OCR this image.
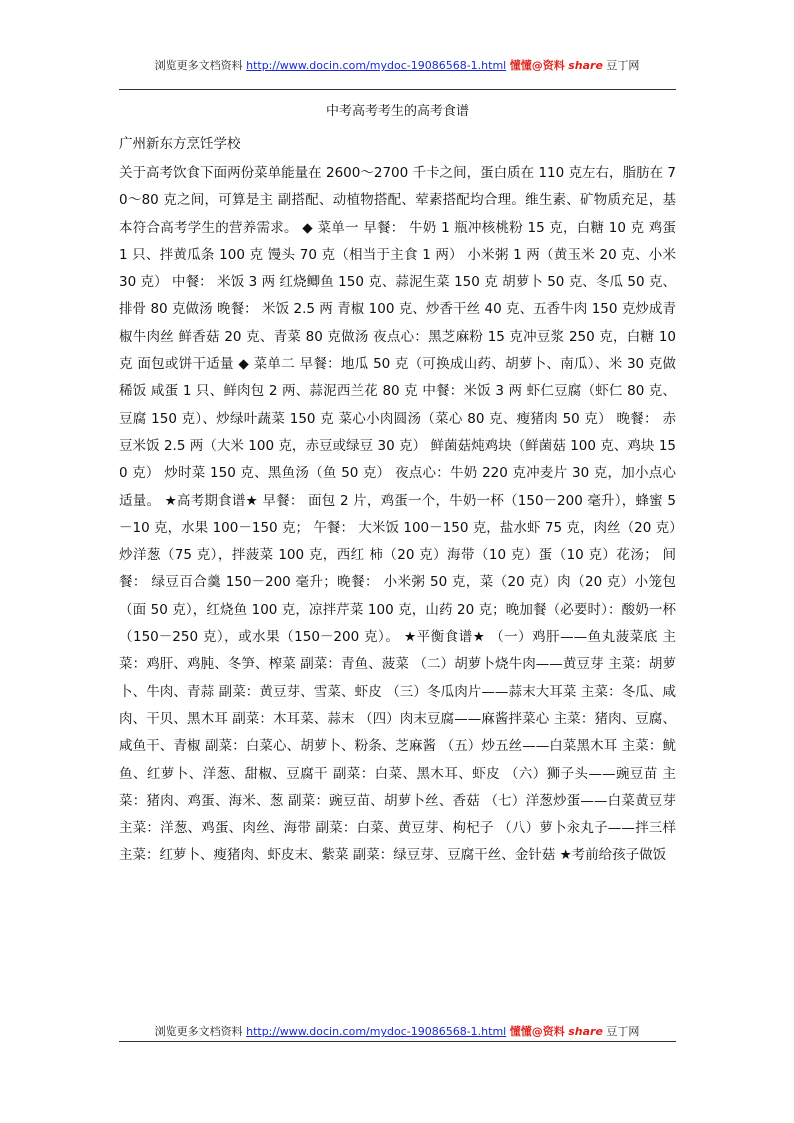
浏览更多文档资料 http://www.docin.com/mydoc-19086568-1.html 懂懂@资料 share 豆丁网
中考高考考生的高考食谱
广州新东方烹饪学校
关于高考饮食下面两份菜单能量在 2600～2700 千卡之间，蛋白质在 110 克左右，脂肪在 70～80 克之间，可算是主 副搭配、动植物搭配、荤素搭配均合理。维生素、矿物质充足，基本符合高考学生的营养需求。 ◆ 菜单一 早餐： 牛奶 1 瓶冲核桃粉 15 克，白糖 10 克 鸡蛋 1 只、拌黄瓜条 100 克 馒头 70 克（相当于主食 1 两） 小米粥 1 两（黄玉米 20 克、小米 30 克） 中餐： 米饭 3 两 红烧鲫鱼 150 克、蒜泥生菜 150 克 胡萝卜 50 克、冬瓜 50 克、排骨 80 克做汤 晚餐： 米饭 2.5 两 青椒 100 克、炒香干丝 40 克、五香牛肉 150 克炒成青椒牛肉丝 鲜香菇 20 克、青菜 80 克做汤 夜点心：黑芝麻粉 15 克冲豆浆 250 克，白糖 10 克 面包或饼干适量 ◆ 菜单二 早餐：地瓜 50 克（可换成山药、胡萝卜、南瓜）、米 30 克做稀饭 咸蛋 1 只、鲜肉包 2 两、蒜泥西兰花 80 克 中餐：米饭 3 两 虾仁豆腐（虾仁 80 克、豆腐 150 克）、炒绿叶蔬菜 150 克 菜心小肉圆汤（菜心 80 克、瘦猪肉 50 克） 晚餐： 赤豆米饭 2.5 两（大米 100 克，赤豆或绿豆 30 克） 鲜菌菇炖鸡块（鲜菌菇 100 克、鸡块 150 克） 炒时菜 150 克、黑鱼汤（鱼 50 克） 夜点心：牛奶 220 克冲麦片 30 克，加小点心适量。 ★高考期食谱★ 早餐： 面包 2 片，鸡蛋一个，牛奶一杯（150－200 毫升），蜂蜜 5－10 克，水果 100－150 克； 午餐： 大米饭 100－150 克，盐水虾 75 克，肉丝（20 克）炒洋葱（75 克），拌菠菜 100 克，西红 柿（20 克）海带（10 克）蛋（10 克）花汤； 间餐： 绿豆百合羹 150－200 毫升；晚餐： 小米粥 50 克，菜（20 克）肉（20 克）小笼包（面 50 克），红烧鱼 100 克，凉拌芹菜 100 克，山药 20 克；晚加餐（必要时）：酸奶一杯（150－250 克），或水果（150－200 克）。 ★平衡食谱★ （一）鸡肝——鱼丸菠菜底 主菜：鸡肝、鸡肫、冬笋、榨菜 副菜：青鱼、菠菜 （二）胡萝卜烧牛肉——黄豆芽 主菜：胡萝卜、牛肉、青蒜 副菜：黄豆芽、雪菜、虾皮 （三）冬瓜肉片——蒜末大耳菜 主菜：冬瓜、咸肉、干贝、黑木耳 副菜：木耳菜、蒜末 （四）肉末豆腐——麻酱拌菜心 主菜：猪肉、豆腐、咸鱼干、青椒 副菜：白菜心、胡萝卜、粉条、芝麻酱 （五）炒五丝——白菜黑木耳 主菜：鱿鱼、红萝卜、洋葱、甜椒、豆腐干 副菜：白菜、黑木耳、虾皮 （六）狮子头——豌豆苗 主菜：猪肉、鸡蛋、海米、葱 副菜：豌豆苗、胡萝卜丝、香菇 （七）洋葱炒蛋——白菜黄豆芽 主菜：洋葱、鸡蛋、肉丝、海带 副菜：白菜、黄豆芽、枸杞子 （八）萝卜汆丸子——拌三样 主菜：红萝卜、瘦猪肉、虾皮末、紫菜 副菜：绿豆芽、豆腐干丝、金针菇 ★考前给孩子做饭
浏览更多文档资料 http://www.docin.com/mydoc-19086568-1.html 懂懂@资料 share 豆丁网
